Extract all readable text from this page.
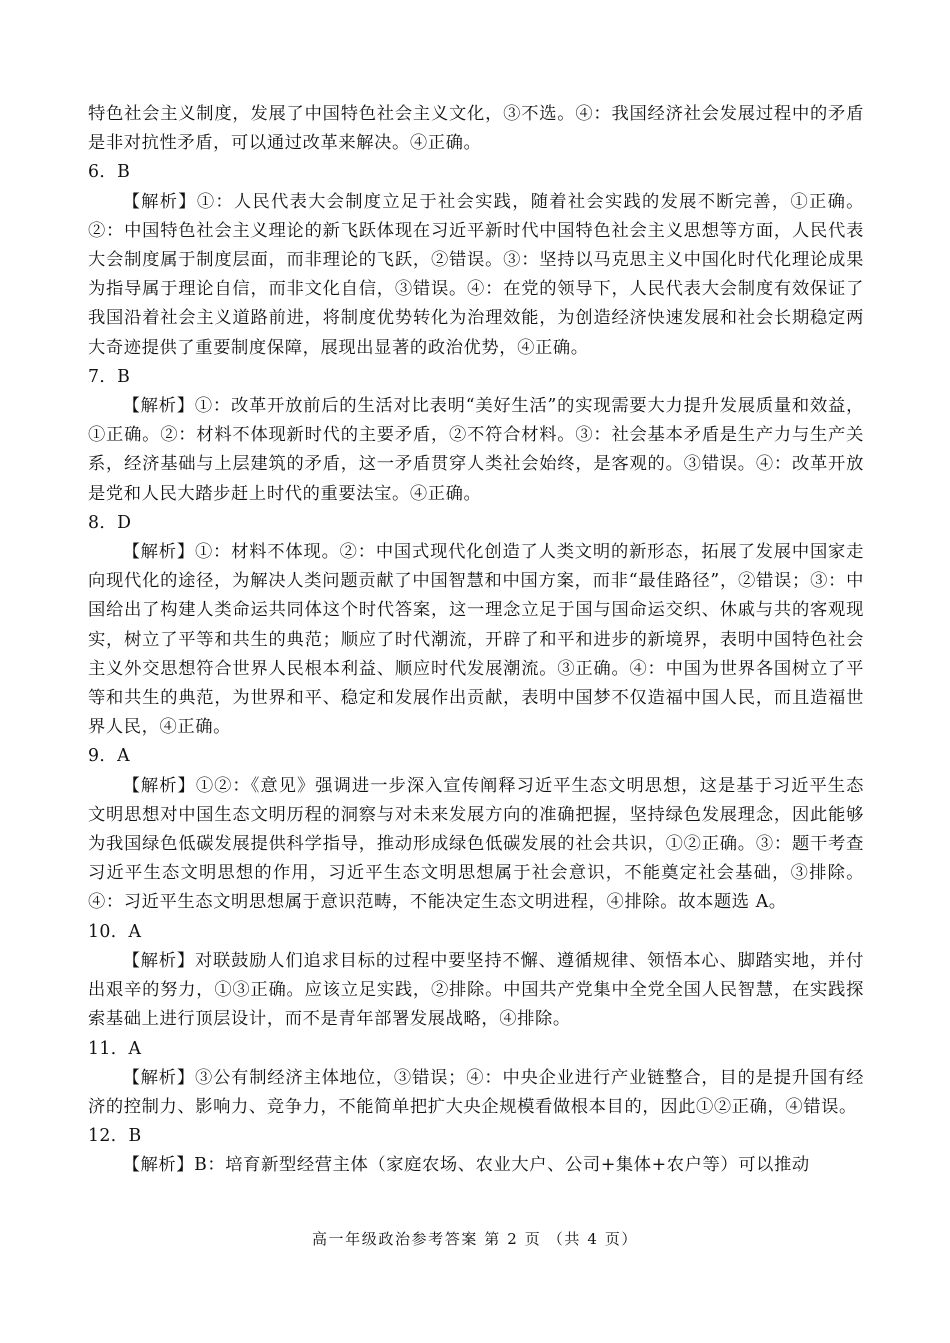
特色社会主义制度，发展了中国特色社会主义文化，③不选。④：我国经济社会发展过程中的矛盾是非对抗性矛盾，可以通过改革来解决。④正确。

6．B

【解析】①：人民代表大会制度立足于社会实践，随着社会实践的发展不断完善，①正确。②：中国特色社会主义理论的新飞跃体现在习近平新时代中国特色社会主义思想等方面，人民代表大会制度属于制度层面，而非理论的飞跃，②错误。③：坚持以马克思主义中国化时代化理论成果为指导属于理论自信，而非文化自信，③错误。④：在党的领导下，人民代表大会制度有效保证了我国沿着社会主义道路前进，将制度优势转化为治理效能，为创造经济快速发展和社会长期稳定两大奇迹提供了重要制度保障，展现出显著的政治优势，④正确。

7．B

【解析】①：改革开放前后的生活对比表明“美好生活”的实现需要大力提升发展质量和效益，①正确。②：材料不体现新时代的主要矛盾，②不符合材料。③：社会基本矛盾是生产力与生产关系，经济基础与上层建筑的矛盾，这一矛盾贯穿人类社会始终，是客观的。③错误。④：改革开放是党和人民大踏步赶上时代的重要法宝。④正确。

8．D

【解析】①：材料不体现。②：中国式现代化创造了人类文明的新形态，拓展了发展中国家走向现代化的途径，为解决人类问题贡献了中国智慧和中国方案，而非“最佳路径”，②错误；③：中国给出了构建人类命运共同体这个时代答案，这一理念立足于国与国命运交织、休戚与共的客观现实，树立了平等和共生的典范；顺应了时代潮流，开辟了和平和进步的新境界，表明中国特色社会主义外交思想符合世界人民根本利益、顺应时代发展潮流。③正确。④：中国为世界各国树立了平等和共生的典范，为世界和平、稳定和发展作出贡献，表明中国梦不仅造福中国人民，而且造福世界人民，④正确。

9．A

【解析】①②：《意见》强调进一步深入宣传阐释习近平生态文明思想，这是基于习近平生态文明思想对中国生态文明历程的洞察与对未来发展方向的准确把握，坚持绿色发展理念，因此能够为我国绿色低碳发展提供科学指导，推动形成绿色低碳发展的社会共识，①②正确。③：题干考查习近平生态文明思想的作用，习近平生态文明思想属于社会意识，不能奠定社会基础，③排除。④：习近平生态文明思想属于意识范畴，不能决定生态文明进程，④排除。故本题选 A。

10．A

【解析】对联鼓励人们追求目标的过程中要坚持不懈、遵循规律、领悟本心、脚踏实地，并付出艰辛的努力，①③正确。应该立足实践，②排除。中国共产党集中全党全国人民智慧，在实践探索基础上进行顶层设计，而不是青年部署发展战略，④排除。

11．A

【解析】③公有制经济主体地位，③错误；④：中央企业进行产业链整合，目的是提升国有经济的控制力、影响力、竞争力，不能简单把扩大央企规模看做根本目的，因此①②正确，④错误。

12．B

【解析】B：培育新型经营主体（家庭农场、农业大户、公司+集体+农户等）可以推动

高一年级政治参考答案 第 2 页 （共 4 页）
